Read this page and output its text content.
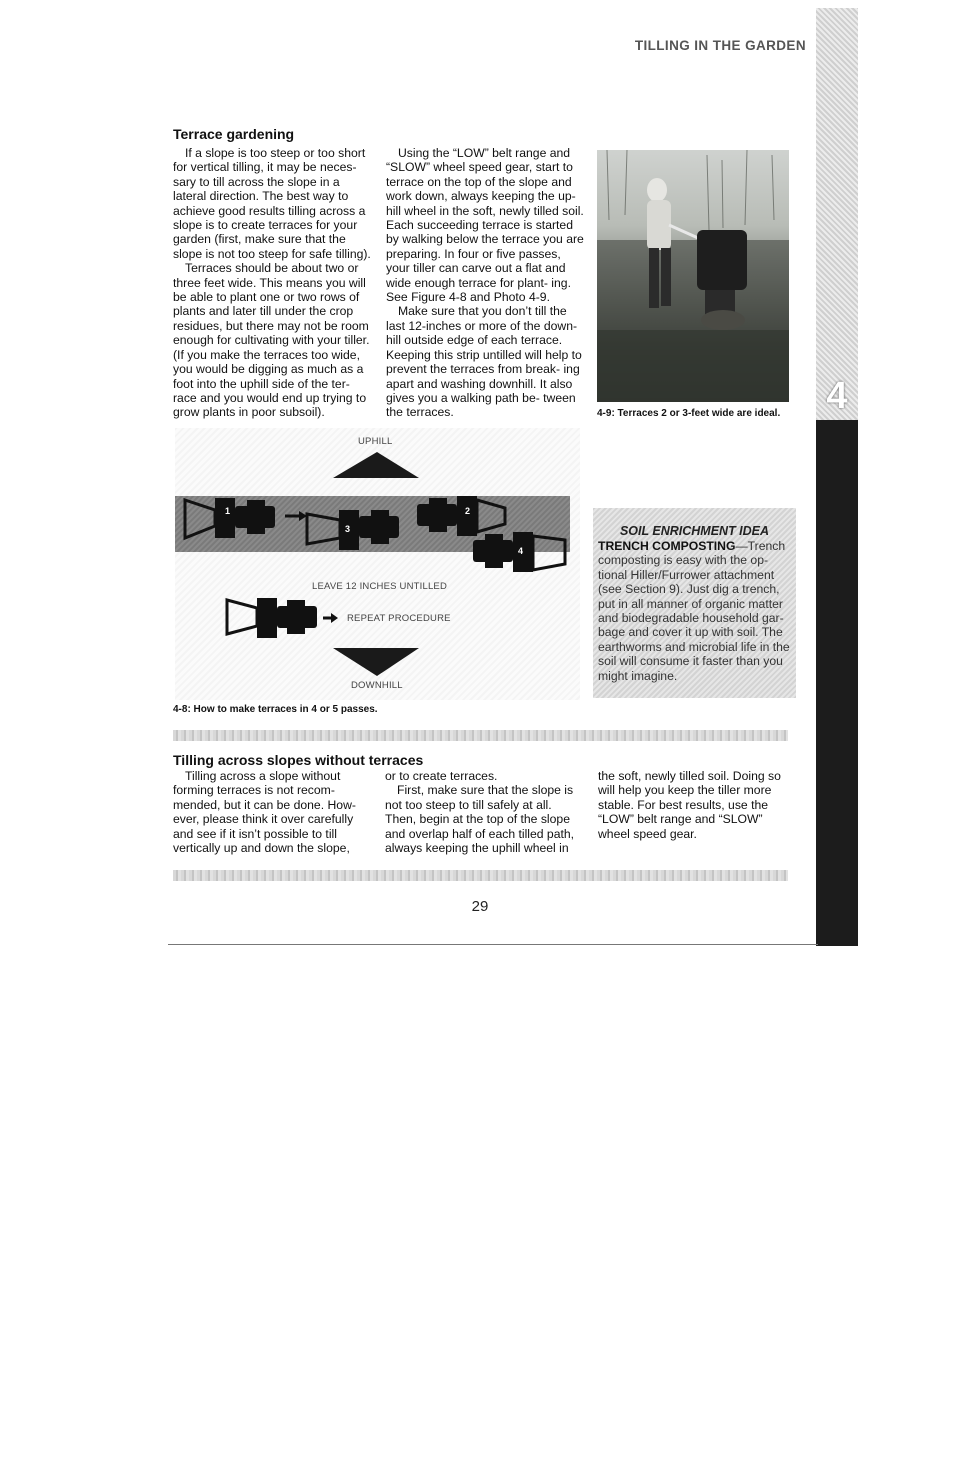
4
TILLING IN THE GARDEN
Terrace gardening

If a slope is too steep or too short for vertical tilling, it may be neces- sary to till across the slope in a lateral direction. The best way to achieve good results tilling across a slope is to create terraces for your garden (first, make sure that the slope is not too steep for safe tilling).

Terraces should be about two or three feet wide. This means you will be able to plant one or two rows of plants and later till under the crop residues, but there may not be room enough for cultivating with your tiller. (If you make the terraces too wide, you would be digging as much as a foot into the uphill side of the ter- race and you would end up trying to grow plants in poor subsoil).

Using the “LOW” belt range and “SLOW” wheel speed gear, start to terrace on the top of the slope and work down, always keeping the up- hill wheel in the soft, newly tilled soil. Each succeeding terrace is started by walking below the terrace you are preparing. In four or five passes, your tiller can carve out a flat and wide enough terrace for plant- ing. See Figure 4-8 and Photo 4-9.

Make sure that you don’t till the last 12-inches or more of the down- hill outside edge of each terrace. Keeping this strip untilled will help to prevent the terraces from break- ing apart and washing downhill. It also gives you a walking path be- tween the terraces.	4-9: Terraces 2 or 3-feet wide are ideal.
UPHILL
1	2
3
4
LEAVE 12 INCHES UNTILLED
REPEAT PROCEDURE
DOWNHILL
4-8: How to make terraces in 4 or 5 passes.
SOIL ENRICHMENT IDEA
TRENCH COMPOSTING—Trench composting is easy with the op- tional Hiller/Furrower attachment (see Section 9). Just dig a trench, put in all manner of organic matter and biodegradable household gar- bage and cover it up with soil. The earthworms and microbial life in the soil will consume it faster than you might imagine.
Tilling across slopes without terraces

Tilling across a slope without forming terraces is not recom- mended, but it can be done. How- ever, please think it over carefully and see if it isn’t possible to till vertically up and down the slope,

or to create terraces.

First, make sure that the slope is not too steep to till safely at all. Then, begin at the top of the slope and overlap half of each tilled path, always keeping the uphill wheel in

the soft, newly tilled soil. Doing so will help you keep the tiller more stable. For best results, use the “LOW” belt range and “SLOW” wheel speed gear.

29
